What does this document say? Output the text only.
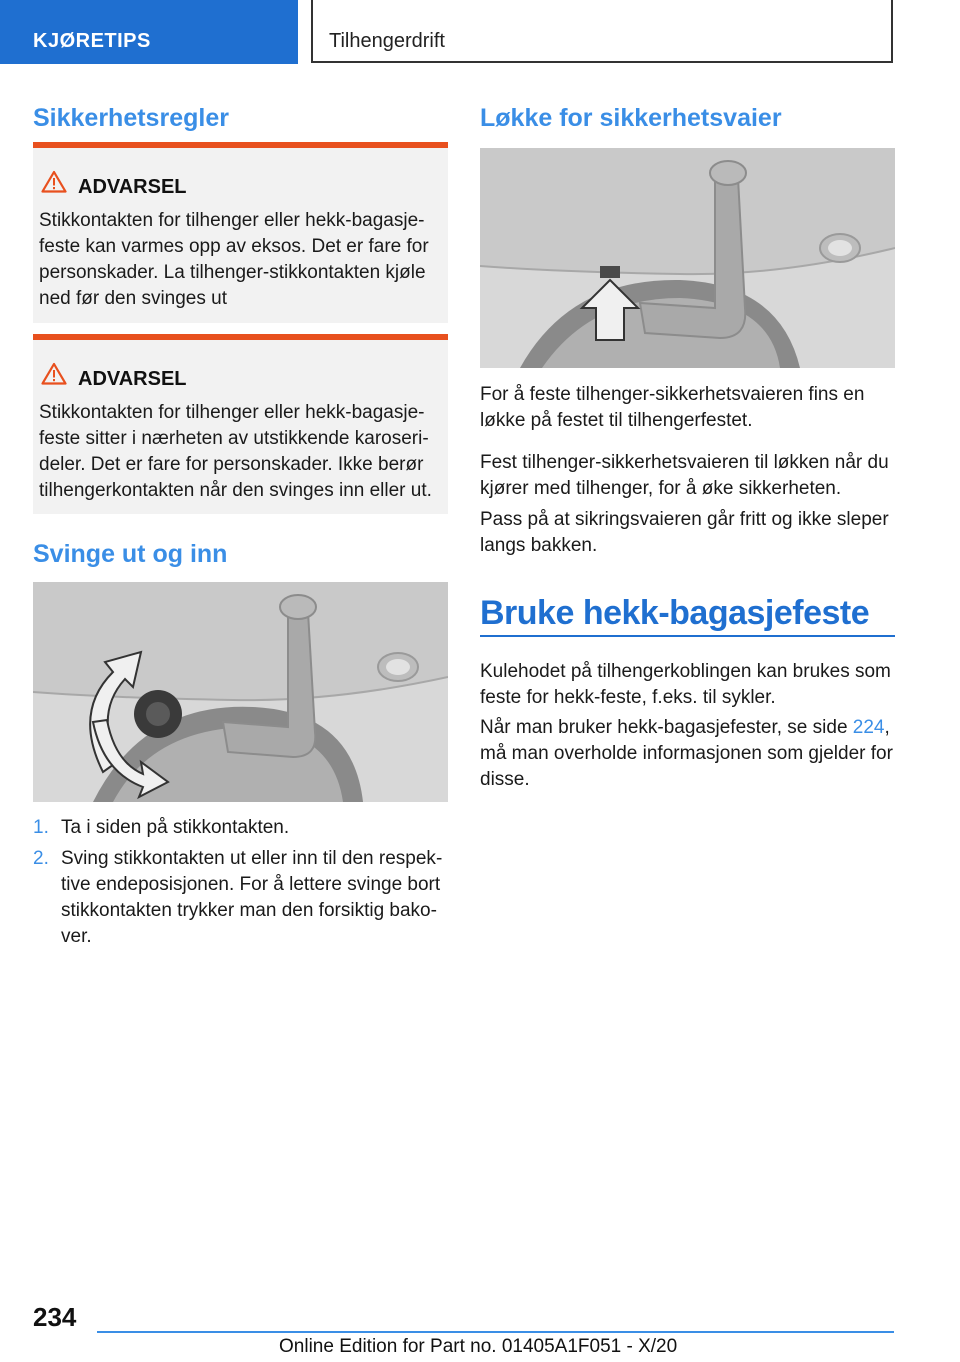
KJØRETIPS	Tilhengerdrift
Sikkerhetsregler
ADVARSEL
Stikkontakten for tilhenger eller hekk-bagasjefeste kan varmes opp av eksos. Det er fare for personskader. La tilhenger-stikkontakten kjøle ned før den svinges ut
ADVARSEL
Stikkontakten for tilhenger eller hekk-bagasjefeste sitter i nærheten av utstikkende karoserideler. Det er fare for personskader. Ikke berør tilhengerkontakten når den svinges inn eller ut.
Svinge ut og inn
1. Ta i siden på stikkontakten.
2. Sving stikkontakten ut eller inn til den respektive endeposisjonen. For å lettere svinge bort stikkontakten trykker man den forsiktig bakover.
Løkke for sikkerhetsvaier

For å feste tilhenger-sikkerhetsvaieren fins en løkke på festet til tilhengerfestet.

Fest tilhenger-sikkerhetsvaieren til løkken når du kjører med tilhenger, for å øke sikkerheten.

Pass på at sikringsvaieren går fritt og ikke sleper langs bakken.

Bruke hekk-bagasjefeste

Kulehodet på tilhengerkoblingen kan brukes som feste for hekk-feste, f.eks. til sykler.

Når man bruker hekk-bagasjefester, se side 224, må man overholde informasjonen som gjelder for disse.

234
Online Edition for Part no. 01405A1F051 - X/20
